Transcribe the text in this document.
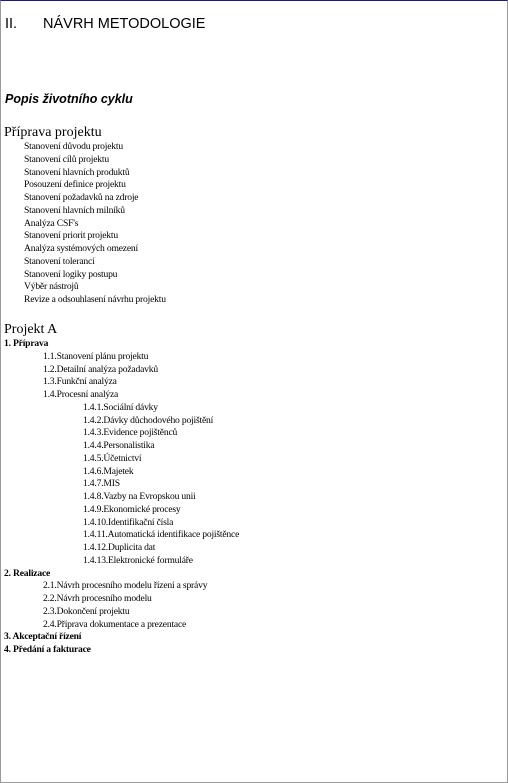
II. NÁVRH METODOLOGIE
Popis životního cyklu
Příprava projektu
Stanovení důvodu projektu
Stanovení cílů projektu
Stanovení hlavních produktů
Posouzení definice projektu
Stanovení požadavků na zdroje
Stanovení hlavních milníků
Analýza CSF's
Stanovení priorit projektu
Analýza systémových omezení
Stanovení tolerancí
Stanovení logiky postupu
Výběr nástrojů
Revize a odsouhlasení návrhu projektu
Projekt A
1. Příprava
1.1.Stanovení plánu projektu
1.2.Detailní analýza požadavků
1.3.Funkční analýza
1.4.Procesní analýza
1.4.1.Sociální dávky
1.4.2.Dávky důchodového pojištění
1.4.3.Evidence pojištěnců
1.4.4.Personalistika
1.4.5.Účetnictví
1.4.6.Majetek
1.4.7.MIS
1.4.8.Vazby na Evropskou unii
1.4.9.Ekonomické procesy
1.4.10.Identifikační čísla
1.4.11.Automatická identifikace pojištěnce
1.4.12.Duplicita dat
1.4.13.Elektronické formuláře
2. Realizace
2.1.Návrh procesního modelu řízení a správy
2.2.Návrh procesního modelu
2.3.Dokončení projektu
2.4.Příprava dokumentace a prezentace
3. Akceptační řízení
4. Předání a fakturace
